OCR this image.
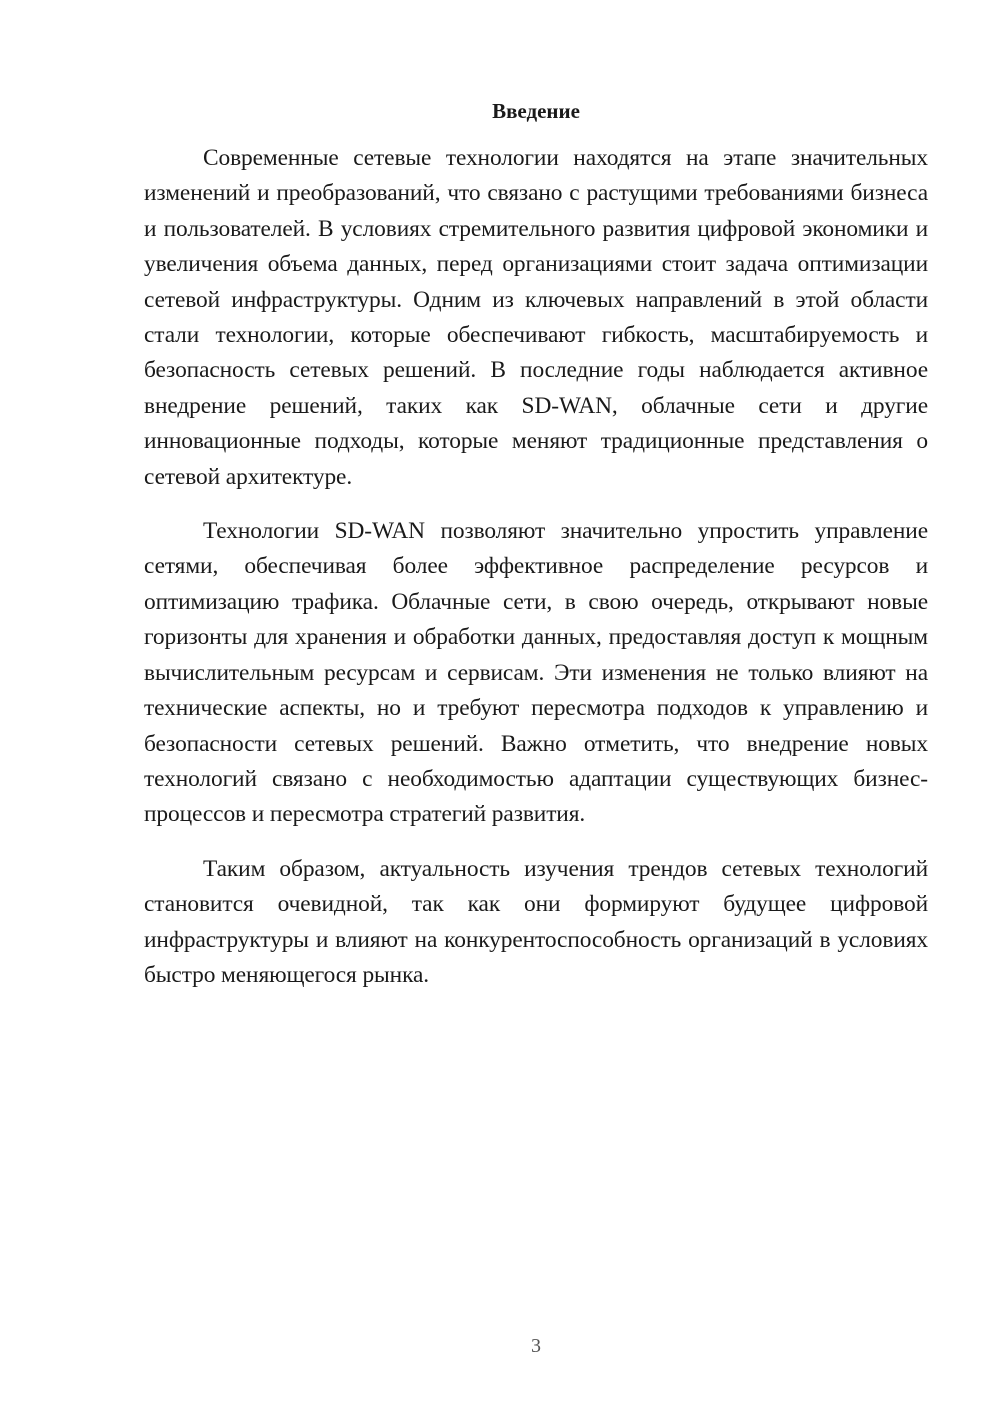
Введение

Современные сетевые технологии находятся на этапе значительных изменений и преобразований, что связано с растущими требованиями бизнеса и пользователей. В условиях стремительного развития цифровой экономики и увеличения объема данных, перед организациями стоит задача оптимизации сетевой инфраструктуры. Одним из ключевых направлений в этой области стали технологии, которые обеспечивают гибкость, масштабируемость и безопасность сетевых решений. В последние годы наблюдается активное внедрение решений, таких как SD-WAN, облачные сети и другие инновационные подходы, которые меняют традиционные представления о сетевой архитектуре.

Технологии SD-WAN позволяют значительно упростить управление сетями, обеспечивая более эффективное распределение ресурсов и оптимизацию трафика. Облачные сети, в свою очередь, открывают новые горизонты для хранения и обработки данных, предоставляя доступ к мощным вычислительным ресурсам и сервисам. Эти изменения не только влияют на технические аспекты, но и требуют пересмотра подходов к управлению и безопасности сетевых решений. Важно отметить, что внедрение новых технологий связано с необходимостью адаптации существующих бизнес-процессов и пересмотра стратегий развития.

Таким образом, актуальность изучения трендов сетевых технологий становится очевидной, так как они формируют будущее цифровой инфраструктуры и влияют на конкурентоспособность организаций в условиях быстро меняющегося рынка.

3
